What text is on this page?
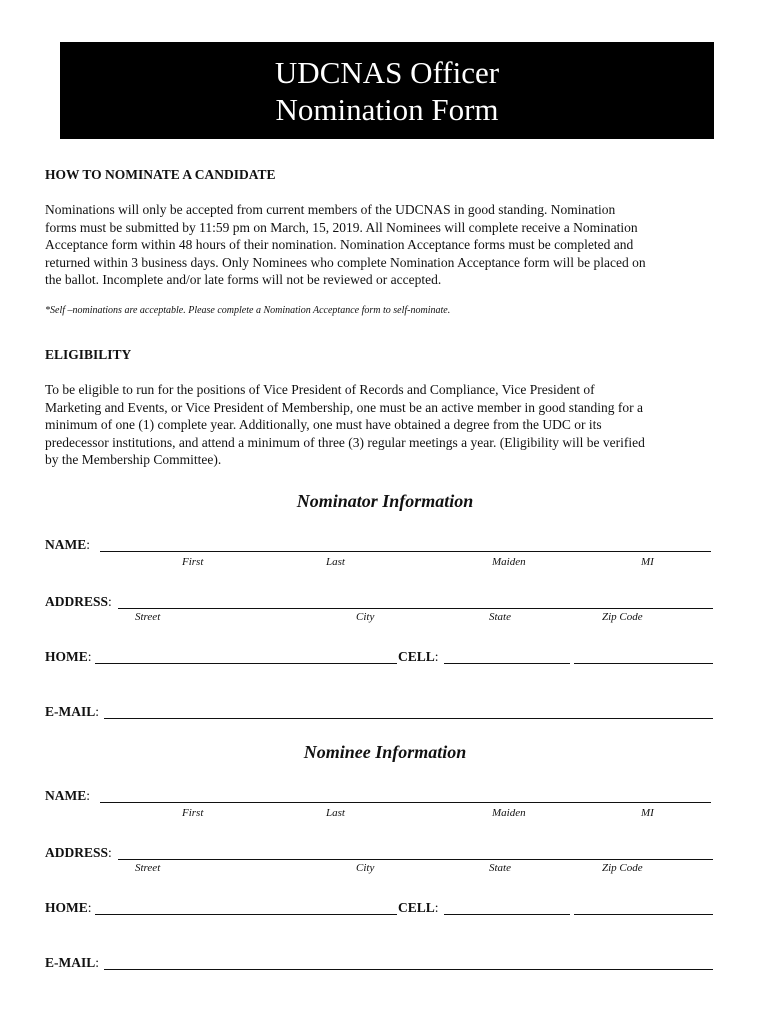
UDCNAS Officer
Nomination Form
HOW TO NOMINATE A CANDIDATE
Nominations will only be accepted from current members of the UDCNAS in good standing. Nomination
forms must be submitted by 11:59 pm on March, 15, 2019. All Nominees will complete receive a Nomination
Acceptance form within 48 hours of their nomination. Nomination Acceptance forms must be completed and
returned within 3 business days. Only Nominees who complete Nomination Acceptance form will be placed on
the ballot. Incomplete and/or late forms will not be reviewed or accepted.
*Self –nominations are acceptable. Please complete a Nomination Acceptance form to self-nominate.
ELIGIBILITY
To be eligible to run for the positions of Vice President of Records and Compliance, Vice President of
Marketing and Events, or Vice President of Membership, one must be an active member in good standing for a
minimum of one (1) complete year. Additionally, one must have obtained a degree from the UDC or its
predecessor institutions, and attend a minimum of three (3) regular meetings a year. (Eligibility will be verified
by the Membership Committee).
Nominator Information
NAME:
First	Last	Maiden	MI
ADDRESS:
Street	City	State	Zip Code
HOME:	CELL:
E-MAIL:
Nominee Information
NAME:
First	Last	Maiden	MI
ADDRESS:
Street	City	State	Zip Code
HOME:	CELL:
E-MAIL:
